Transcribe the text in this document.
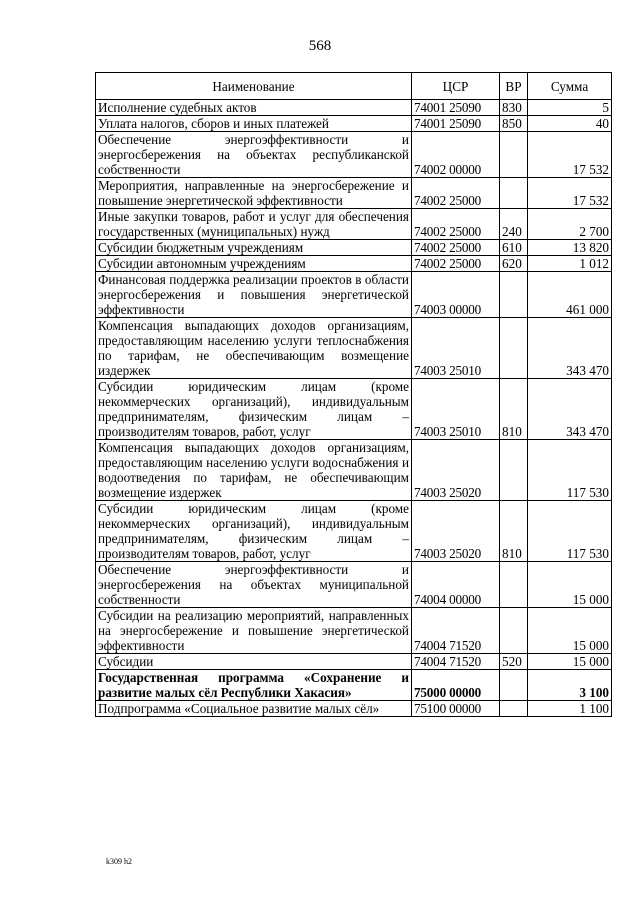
568
Наименование	ЦСР	ВР	Сумма
Исполнение судебных актов	74001 25090	830	5
Уплата налогов, сборов и иных платежей	74001 25090	850	40
Обеспечение энергоэффективности и энергосбережения на объектах республиканской собственности	74002 00000		17 532
Мероприятия, направленные на энергосбережение и повышение энергетической эффективности	74002 25000		17 532
Иные закупки товаров, работ и услуг для обеспечения государственных (муниципальных) нужд	74002 25000	240	2 700
Субсидии бюджетным учреждениям	74002 25000	610	13 820
Субсидии автономным учреждениям	74002 25000	620	1 012
Финансовая поддержка реализации проектов в области энергосбережения и повышения энергетической эффективности	74003 00000		461 000
Компенсация выпадающих доходов организациям, предоставляющим населению услуги теплоснабжения по тарифам, не обеспечивающим возмещение издержек	74003 25010		343 470
Субсидии юридическим лицам (кроме некоммерческих организаций), индивидуальным предпринимателям, физическим лицам – производителям товаров, работ, услуг	74003 25010	810	343 470
Компенсация выпадающих доходов организациям, предоставляющим населению услуги водоснабжения и водоотведения по тарифам, не обеспечивающим возмещение издержек	74003 25020		117 530
Субсидии юридическим лицам (кроме некоммерческих организаций), индивидуальным предпринимателям, физическим лицам – производителям товаров, работ, услуг	74003 25020	810	117 530
Обеспечение энергоэффективности и энергосбережения на объектах муниципальной собственности	74004 00000		15 000
Субсидии на реализацию мероприятий, направленных на энергосбережение и повышение энергетической эффективности	74004 71520		15 000
Субсидии	74004 71520	520	15 000
Государственная программа «Сохранение и развитие малых сёл Республики Хакасия»	75000 00000		3 100
Подпрограмма «Социальное развитие малых сёл»	75100 00000		1 100
k309 h2
